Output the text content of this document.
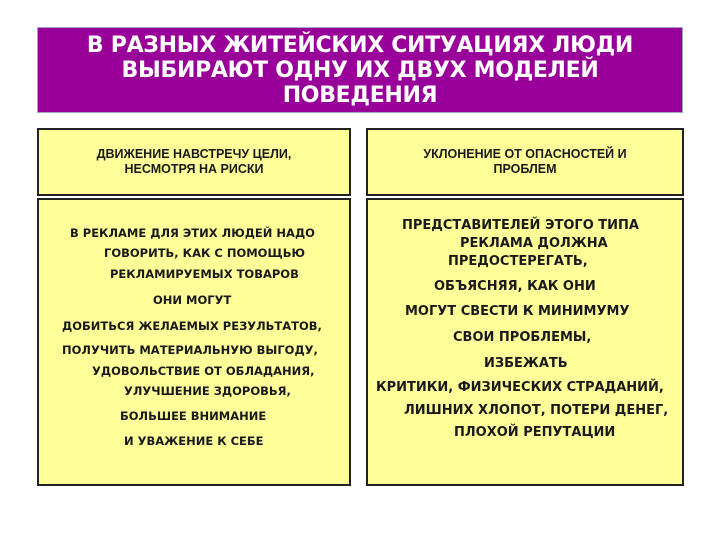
В РАЗНЫХ ЖИТЕЙСКИХ СИТУАЦИЯХ ЛЮДИ
ВЫБИРАЮТ ОДНУ ИХ ДВУХ МОДЕЛЕЙ
ПОВЕДЕНИЯ
ДВИЖЕНИЕ НАВСТРЕЧУ ЦЕЛИ,
НЕСМОТРЯ НА РИСКИ
УКЛОНЕНИЕ ОТ ОПАСНОСТЕЙ И
ПРОБЛЕМ
В РЕКЛАМЕ ДЛЯ ЭТИХ ЛЮДЕЙ НАДО
ГОВОРИТЬ, КАК С ПОМОЩЬЮ
РЕКЛАМИРУЕМЫХ ТОВАРОВ
ОНИ МОГУТ
ДОБИТЬСЯ ЖЕЛАЕМЫХ РЕЗУЛЬТАТОВ,
ПОЛУЧИТЬ МАТЕРИАЛЬНУЮ ВЫГОДУ,
УДОВОЛЬСТВИЕ ОТ ОБЛАДАНИЯ,
УЛУЧШЕНИЕ ЗДОРОВЬЯ,
БОЛЬШЕЕ ВНИМАНИЕ
И УВАЖЕНИЕ К СЕБЕ
ПРЕДСТАВИТЕЛЕЙ ЭТОГО ТИПА
РЕКЛАМА ДОЛЖНА
ПРЕДОСТЕРЕГАТЬ,
ОБЪЯСНЯЯ, КАК ОНИ
МОГУТ СВЕСТИ К МИНИМУМУ
СВОИ ПРОБЛЕМЫ,
ИЗБЕЖАТЬ
КРИТИКИ, ФИЗИЧЕСКИХ СТРАДАНИЙ,
ЛИШНИХ ХЛОПОТ, ПОТЕРИ ДЕНЕГ,
ПЛОХОЙ РЕПУТАЦИИ
